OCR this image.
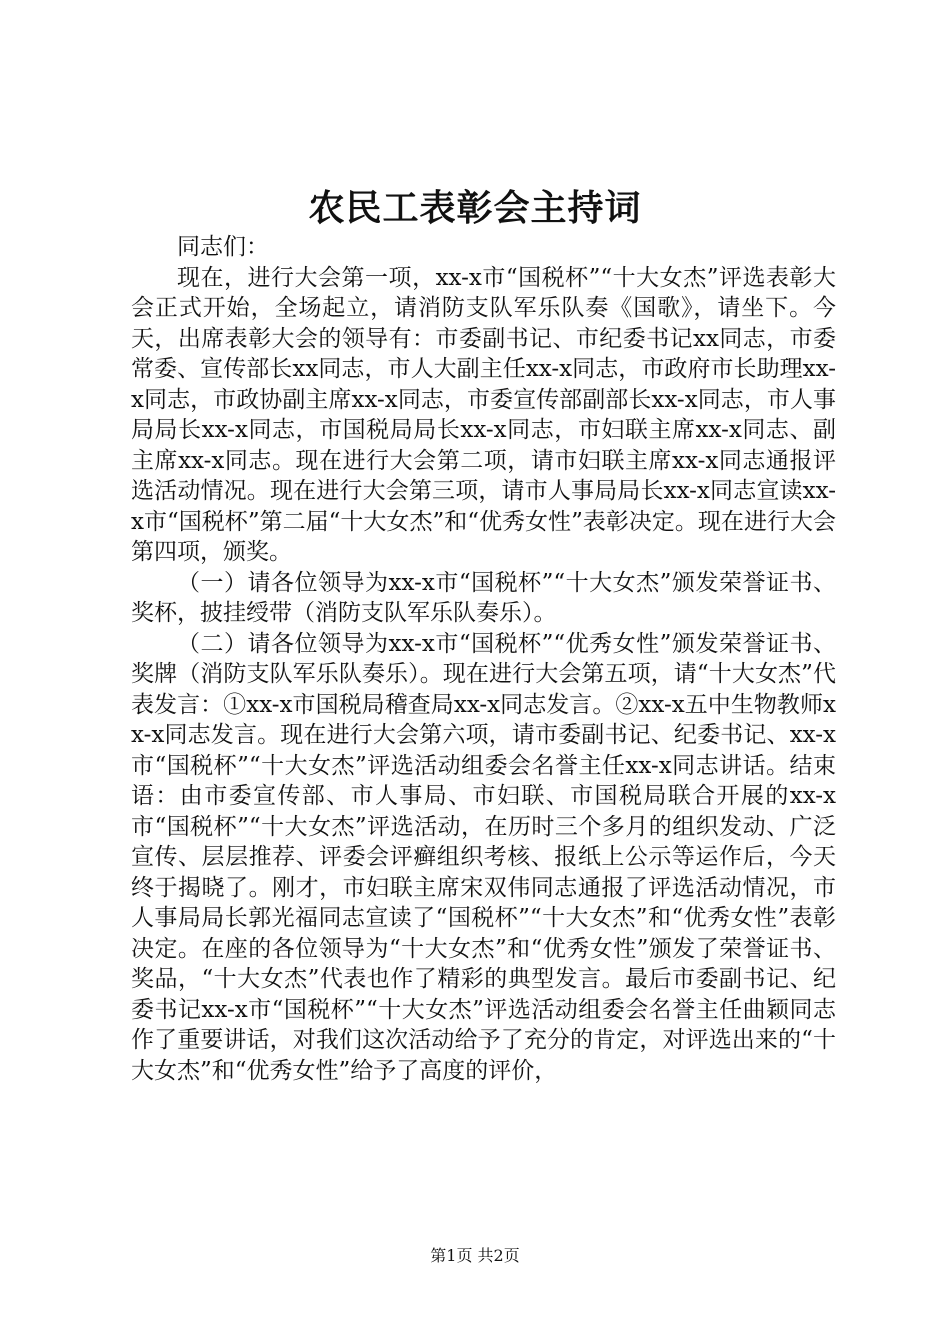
农民工表彰会主持词

同志们：

现在，进行大会第一项，xx-x市“国税杯”“十大女杰”评选表彰大会正式开始，全场起立，请消防支队军乐队奏《国歌》，请坐下。今天，出席表彰大会的领导有：市委副书记、市纪委书记xx同志，市委常委、宣传部长xx同志，市人大副主任xx-x同志，市政府市长助理xx-x同志，市政协副主席xx-x同志，市委宣传部副部长xx-x同志，市人事局局长xx-x同志，市国税局局长xx-x同志，市妇联主席xx-x同志、副主席xx-x同志。现在进行大会第二项，请市妇联主席xx-x同志通报评选活动情况。现在进行大会第三项，请市人事局局长xx-x同志宣读xx-x市“国税杯”第二届“十大女杰”和“优秀女性”表彰决定。现在进行大会第四项，颁奖。

（一）请各位领导为xx-x市“国税杯”“十大女杰”颁发荣誉证书、奖杯，披挂绶带（消防支队军乐队奏乐）。

（二）请各位领导为xx-x市“国税杯”“优秀女性”颁发荣誉证书、奖牌（消防支队军乐队奏乐）。现在进行大会第五项，请“十大女杰”代表发言：①xx-x市国税局稽查局xx-x同志发言。②xx-x五中生物教师xx-x同志发言。现在进行大会第六项，请市委副书记、纪委书记、xx-x市“国税杯”“十大女杰”评选活动组委会名誉主任xx-x同志讲话。结束语：由市委宣传部、市人事局、市妇联、市国税局联合开展的xx-x市“国税杯”“十大女杰”评选活动，在历时三个多月的组织发动、广泛宣传、层层推荐、评委会评癣组织考核、报纸上公示等运作后，今天终于揭晓了。刚才，市妇联主席宋双伟同志通报了评选活动情况，市人事局局长郭光福同志宣读了“国税杯”“十大女杰”和“优秀女性”表彰决定。在座的各位领导为“十大女杰”和“优秀女性”颁发了荣誉证书、奖品，“十大女杰”代表也作了精彩的典型发言。最后市委副书记、纪委书记xx-x市“国税杯”“十大女杰”评选活动组委会名誉主任曲颖同志作了重要讲话，对我们这次活动给予了充分的肯定，对评选出来的“十大女杰”和“优秀女性”给予了高度的评价，

第1页 共2页
